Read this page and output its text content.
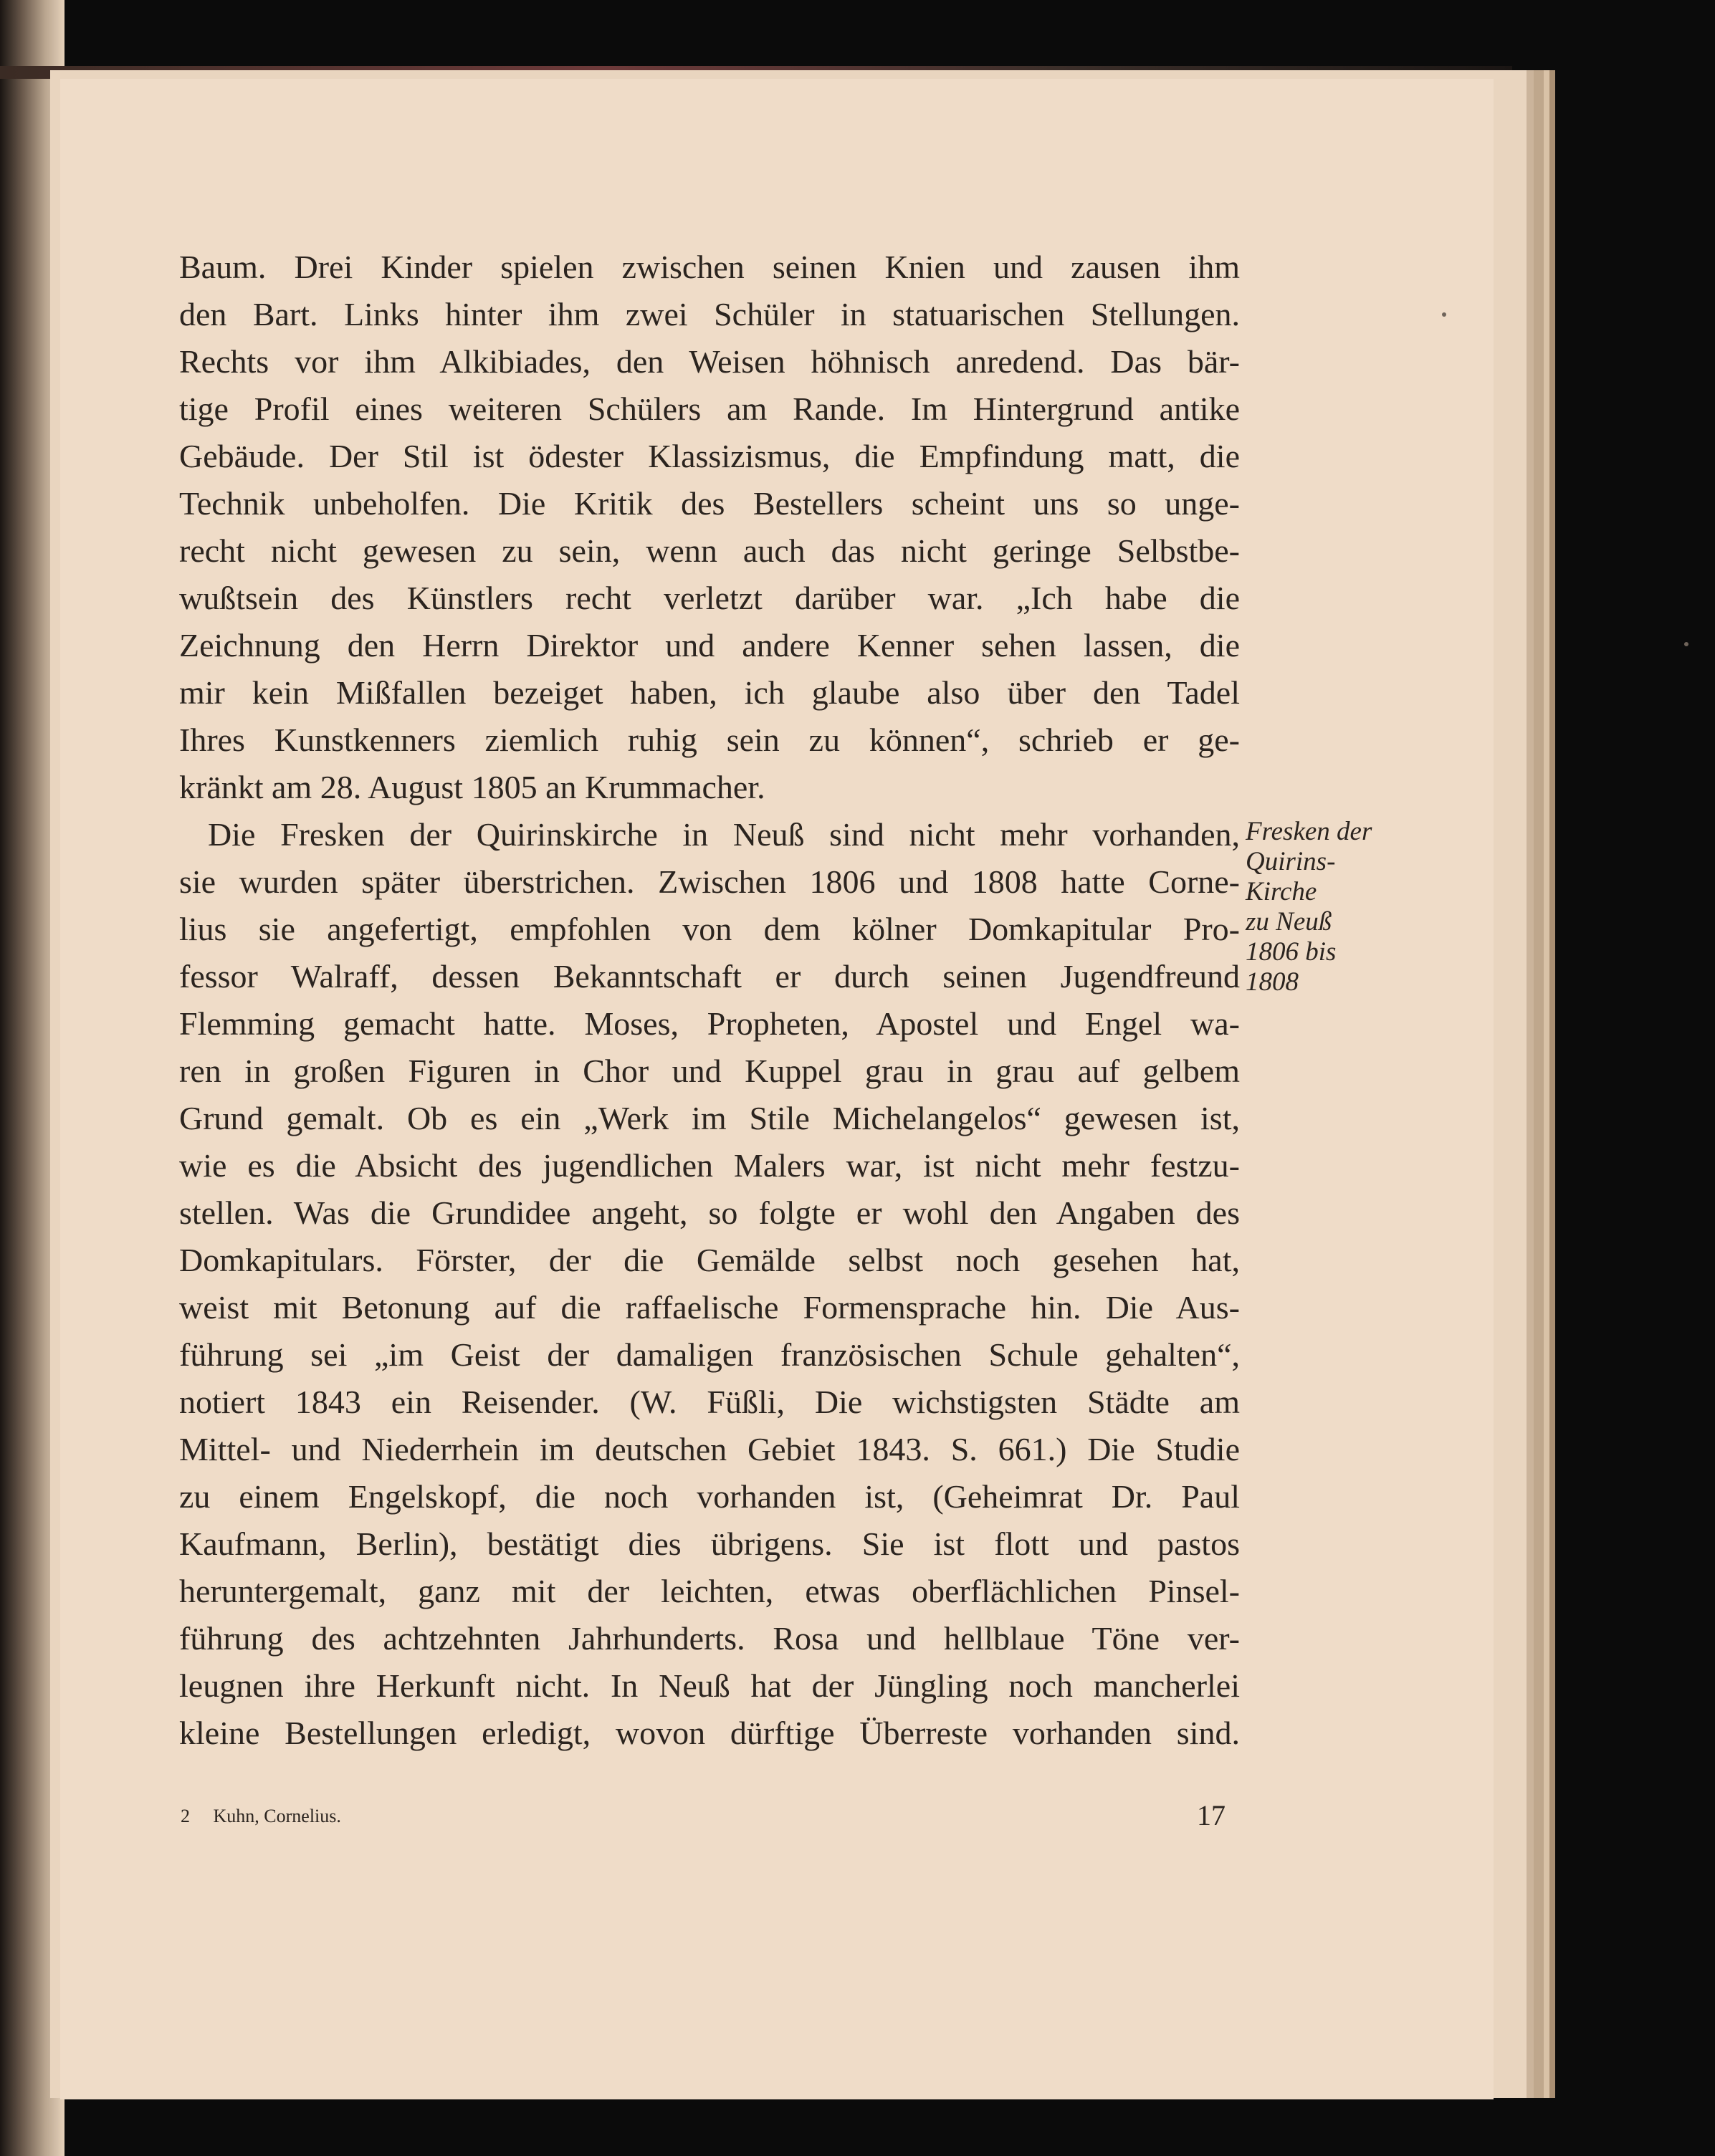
Baum. Drei Kinder spielen zwischen seinen Knien und zausen ihm
den Bart. Links hinter ihm zwei Schüler in statuarischen Stellungen.
Rechts vor ihm Alkibiades, den Weisen höhnisch anredend. Das bär-
tige Profil eines weiteren Schülers am Rande. Im Hintergrund antike
Gebäude. Der Stil ist ödester Klassizismus, die Empfindung matt, die
Technik unbeholfen. Die Kritik des Bestellers scheint uns so unge-
recht nicht gewesen zu sein, wenn auch das nicht geringe Selbstbe-
wußtsein des Künstlers recht verletzt darüber war. „Ich habe die
Zeichnung den Herrn Direktor und andere Kenner sehen lassen, die
mir kein Mißfallen bezeiget haben, ich glaube also über den Tadel
Ihres Kunstkenners ziemlich ruhig sein zu können“, schrieb er ge-
kränkt am 28. August 1805 an Krummacher.
Die Fresken der Quirinskirche in Neuß sind nicht mehr vorhanden,
sie wurden später überstrichen. Zwischen 1806 und 1808 hatte Corne-
lius sie angefertigt, empfohlen von dem kölner Domkapitular Pro-
fessor Walraff, dessen Bekanntschaft er durch seinen Jugendfreund
Flemming gemacht hatte. Moses, Propheten, Apostel und Engel wa-
ren in großen Figuren in Chor und Kuppel grau in grau auf gelbem
Grund gemalt. Ob es ein „Werk im Stile Michelangelos“ gewesen ist,
wie es die Absicht des jugendlichen Malers war, ist nicht mehr festzu-
stellen. Was die Grundidee angeht, so folgte er wohl den Angaben des
Domkapitulars. Förster, der die Gemälde selbst noch gesehen hat,
weist mit Betonung auf die raffaelische Formensprache hin. Die Aus-
führung sei „im Geist der damaligen französischen Schule gehalten“,
notiert 1843 ein Reisender. (W. Füßli, Die wichstigsten Städte am
Mittel- und Niederrhein im deutschen Gebiet 1843. S. 661.) Die Studie
zu einem Engelskopf, die noch vorhanden ist, (Geheimrat Dr. Paul
Kaufmann, Berlin), bestätigt dies übrigens. Sie ist flott und pastos
heruntergemalt, ganz mit der leichten, etwas oberflächlichen Pinsel-
führung des achtzehnten Jahrhunderts. Rosa und hellblaue Töne ver-
leugnen ihre Herkunft nicht. In Neuß hat der Jüngling noch mancherlei
kleine Bestellungen erledigt, wovon dürftige Überreste vorhanden sind.
Fresken der
Quirins-
Kirche
zu Neuß
1806 bis
1808
2 Kuhn, Cornelius.	17
